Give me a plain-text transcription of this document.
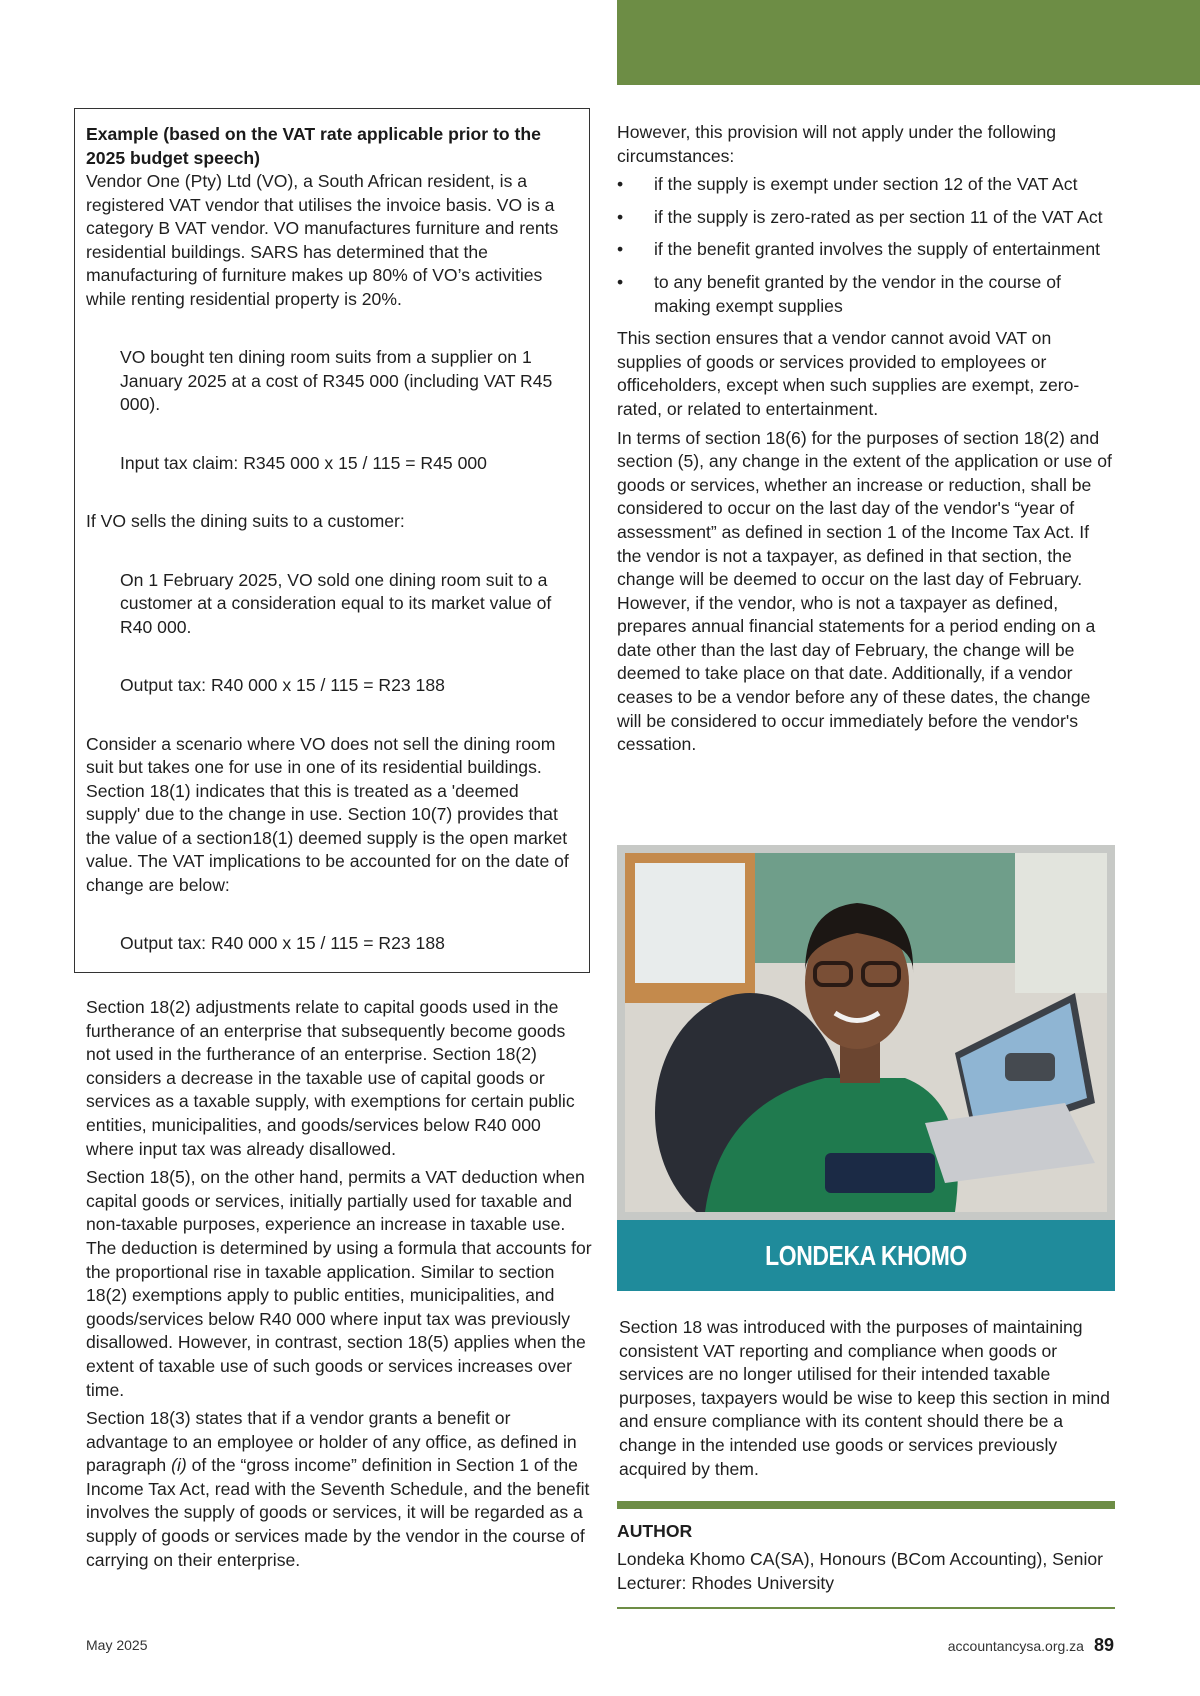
Example (based on the VAT rate applicable prior to the 2025 budget speech)
Vendor One (Pty) Ltd (VO), a South African resident, is a registered VAT vendor that utilises the invoice basis. VO is a category B VAT vendor. VO manufactures furniture and rents residential buildings. SARS has determined that the manufacturing of furniture makes up 80% of VO’s activities while renting residential property is 20%.
VO bought ten dining room suits from a supplier on 1 January 2025 at a cost of R345 000 (including VAT R45 000).
Input tax claim: R345 000 x 15 / 115 = R45 000
If VO sells the dining suits to a customer:
On 1 February 2025, VO sold one dining room suit to a customer at a consideration equal to its market value of R40 000.
Output tax: R40 000 x 15 / 115 = R23 188
Consider a scenario where VO does not sell the dining room suit but takes one for use in one of its residential buildings. Section 18(1) indicates that this is treated as a 'deemed supply' due to the change in use. Section 10(7) provides that the value of a section18(1) deemed supply is the open market value. The VAT implications to be accounted for on the date of change are below:
Output tax: R40 000 x 15 / 115 = R23 188

Section 18(2) adjustments relate to capital goods used in the furtherance of an enterprise that subsequently become goods not used in the furtherance of an enterprise. Section 18(2) considers a decrease in the taxable use of capital goods or services as a taxable supply, with exemptions for certain public entities, municipalities, and goods/services below R40 000 where input tax was already disallowed.

Section 18(5), on the other hand, permits a VAT deduction when capital goods or services, initially partially used for taxable and non-taxable purposes, experience an increase in taxable use. The deduction is determined by using a formula that accounts for the proportional rise in taxable application. Similar to section 18(2) exemptions apply to public entities, municipalities, and goods/services below R40 000 where input tax was previously disallowed. However, in contrast, section 18(5) applies when the extent of taxable use of such goods or services increases over time.

Section 18(3) states that if a vendor grants a benefit or advantage to an employee or holder of any office, as defined in paragraph (i) of the “gross income” definition in Section 1 of the Income Tax Act, read with the Seventh Schedule, and the benefit involves the supply of goods or services, it will be regarded as a supply of goods or services made by the vendor in the course of carrying on their enterprise.

However, this provision will not apply under the following circumstances:

• if the supply is exempt under section 12 of the VAT Act
• if the supply is zero-rated as per section 11 of the VAT Act
• if the benefit granted involves the supply of entertainment
• to any benefit granted by the vendor in the course of making exempt supplies

This section ensures that a vendor cannot avoid VAT on supplies of goods or services provided to employees or officeholders, except when such supplies are exempt, zero-rated, or related to entertainment.

In terms of section 18(6) for the purposes of section 18(2) and section (5), any change in the extent of the application or use of goods or services, whether an increase or reduction, shall be considered to occur on the last day of the vendor's “year of assessment” as defined in section 1 of the Income Tax Act. If the vendor is not a taxpayer, as defined in that section, the change will be deemed to occur on the last day of February. However, if the vendor, who is not a taxpayer as defined, prepares annual financial statements for a period ending on a date other than the last day of February, the change will be deemed to take place on that date. Additionally, if a vendor ceases to be a vendor before any of these dates, the change will be considered to occur immediately before the vendor's cessation.

LONDEKA KHOMO
Section 18 was introduced with the purposes of maintaining consistent VAT reporting and compliance when goods or services are no longer utilised for their intended taxable purposes, taxpayers would be wise to keep this section in mind and ensure compliance with its content should there be a change in the intended use goods or services previously acquired by them.
AUTHOR
Londeka Khomo CA(SA), Honours (BCom Accounting), Senior Lecturer: Rhodes University
May 2025	accountancysa.org.za 89
